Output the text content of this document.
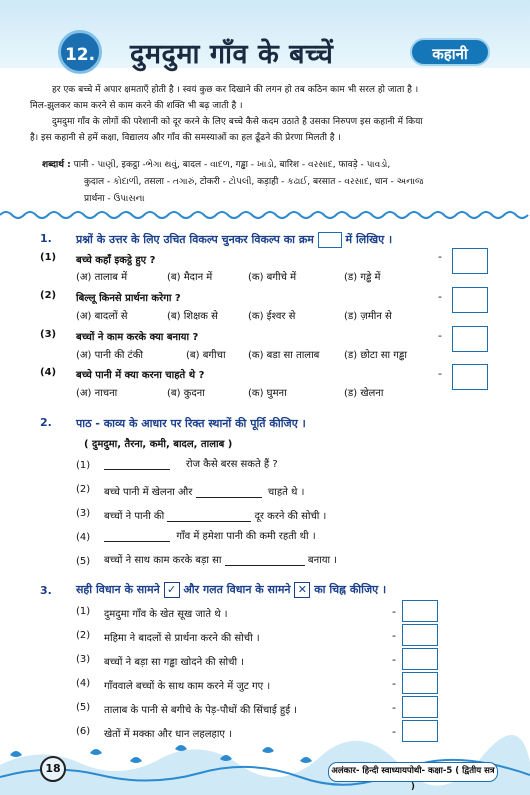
12. दुमदुमा गाँव के बच्चें	कहानी

हर एक बच्चे में अपार क्षमताएँ होती है । स्वयं कुछ कर दिखाने की लगन हो तब कठिन काम भी सरल हो जाता है ।

मिल-झुलकर काम करने से काम करने की शक्ति भी बढ़ जाती है ।

दुमदुमा गाँव के लोगों की परेशानी को दूर करने के लिए बच्चे कैसे कदम उठाते है उसका निरुपण इस कहानी में किया

है। इस कहानी से हमें कक्षा, विद्यालय और गाँव की समस्याओं का हल ढूँढने की प्रेरणा मिलती है ।

शब्दार्थ : पानी - પાણી, इकट्ठा -ભેગા થવું, बादल - વાદળ, गड्ढा - ખાડો, बारिश - વરસાદ, फावड़े - પાવડો,
कुदाल - કોદાળી, तसला - તગારું, टोकरी - ટોપલી, कड़ाही - કઢાઈ, बरसात - વરસાદ, धान - અનાજ
प्रार्थना - ઉપાસના
1. प्रश्नों के उत्तर के लिए उचित विकल्प चुनकर विकल्प का क्रम	में लिखिए ।
(1) बच्चे कहाँ इकट्ठे हुए ?
(अ) तालाब में	(ब) मैदान में	(क) बगीचे में	(ड) गड्ढे में
-
(2) बिल्लू किनसे प्रार्थना करेगा ?
(अ) बादलों से	(ब) शिक्षक से	(क) ईश्वर से	(ड) ज़मीन से
-
(3) बच्चों ने काम करके क्या बनाया ?
(अ) पानी की टंकी	(ब) बगीचा (क) बडा सा तालाब (ड) छोटा सा गड्ढा
-
(4) बच्चे पानी में क्या करना चाहते थे ?
(अ) नाचना	(ब) कुदना	(क) घुमना	(ड) खेलना
-
2. पाठ - काव्य के आधार पर रिक्त स्थानों की पूर्ति कीजिए ।
( दुमदुमा, तैरना, कमी, बादल, तालाब )
(1)	रोज कैसे बरस सकते हैं ?
(2) बच्चे पानी में खेलना और	चाहते थे ।
(3) बच्चों ने पानी की	दूर करने की सोची ।
(4)	गाँव में हमेशा पानी की कमी रहती थी ।
(5) बच्चों ने साथ काम करके बड़ा सा	बनाया ।
3. सही विधान के सामने ✓ और गलत विधान के सामने ✕ का चिह्न कीजिए ।
(1) दुमदुमा गाँव के खेत सूख जाते थे ।	-
(2) महिमा ने बादलों से प्रार्थना करने की सोची ।	-
(3) बच्चों ने बड़ा सा गड्ढा खोदने की सोची ।	-
(4) गाँववाले बच्चों के साथ काम करने में जुट गए ।	-
(5) तालाब के पानी से बगीचे के पेड़-पौधों की सिंचाई हुई ।	-
(6) खेतों में मक्का और धान लहलहाए ।	-
18	अलंकार- हिन्दी स्वाध्यायपोथी- कक्षा-5 ( द्वितीय सत्र )
